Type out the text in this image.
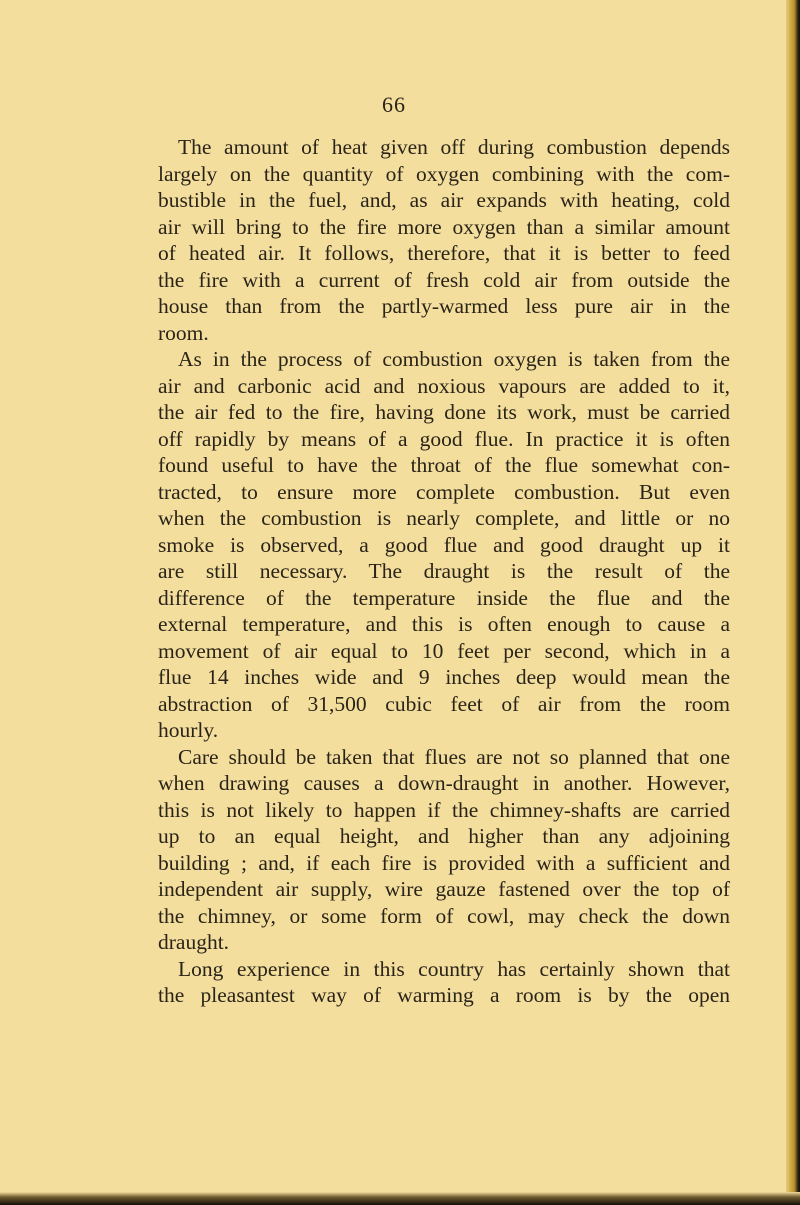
66
The amount of heat given off during combustion depends
largely on the quantity of oxygen combining with the com-
bustible in the fuel, and, as air expands with heating, cold
air will bring to the fire more oxygen than a similar amount
of heated air. It follows, therefore, that it is better to feed
the fire with a current of fresh cold air from outside the
house than from the partly-warmed less pure air in the
room.
As in the process of combustion oxygen is taken from the
air and carbonic acid and noxious vapours are added to it,
the air fed to the fire, having done its work, must be carried
off rapidly by means of a good flue. In practice it is often
found useful to have the throat of the flue somewhat con-
tracted, to ensure more complete combustion. But even
when the combustion is nearly complete, and little or no
smoke is observed, a good flue and good draught up it
are still necessary. The draught is the result of the
difference of the temperature inside the flue and the
external temperature, and this is often enough to cause a
movement of air equal to 10 feet per second, which in a
flue 14 inches wide and 9 inches deep would mean the
abstraction of 31,500 cubic feet of air from the room
hourly.
Care should be taken that flues are not so planned that one
when drawing causes a down-draught in another. However,
this is not likely to happen if the chimney-shafts are carried
up to an equal height, and higher than any adjoining
building ; and, if each fire is provided with a sufficient and
independent air supply, wire gauze fastened over the top of
the chimney, or some form of cowl, may check the down
draught.
Long experience in this country has certainly shown that
the pleasantest way of warming a room is by the open
